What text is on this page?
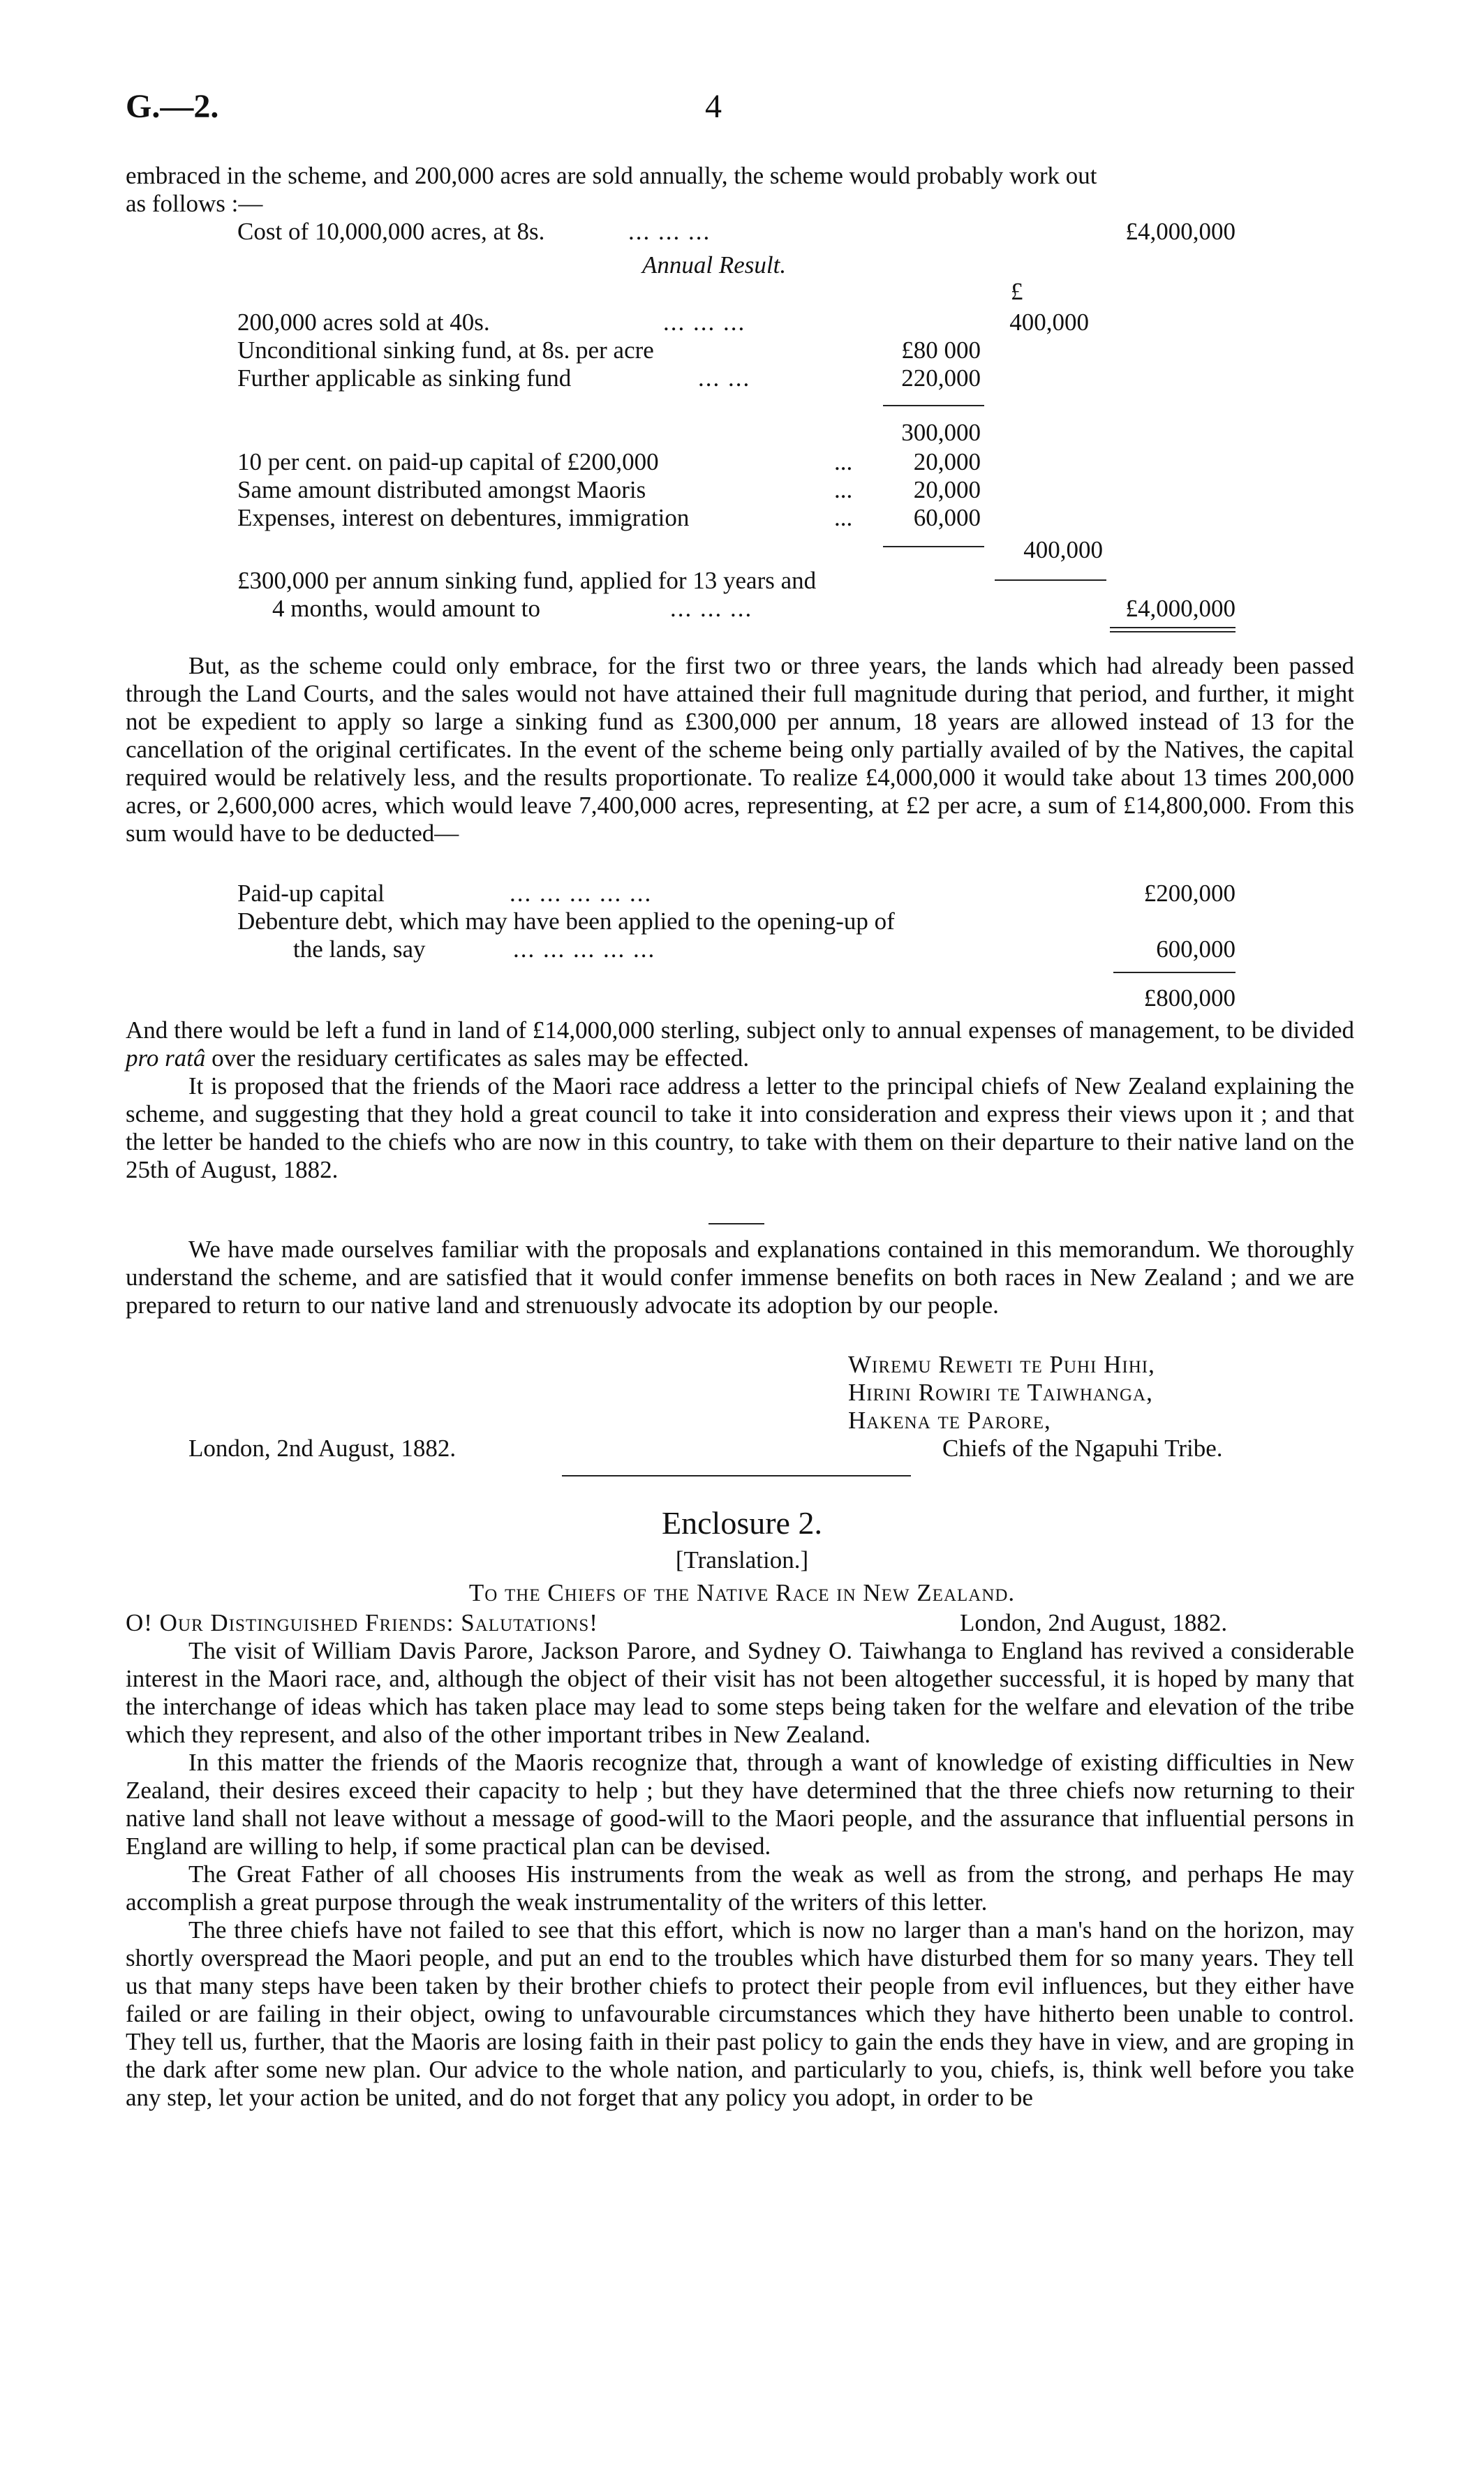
G.—2.	4
embraced in the scheme, and 200,000 acres are sold annually, the scheme would probably work out
as follows :—
Cost of 10,000,000 acres, at 8s.	... ... ...	£4,000,000
Annual Result.
£
200,000 acres sold at 40s.	... ... ...	400,000
Unconditional sinking fund, at 8s. per acre	£80 000
Further applicable as sinking fund	... ...	220,000
300,000
10 per cent. on paid-up capital of £200,000	...	20,000
Same amount distributed amongst Maoris	...	20,000
Expenses, interest on debentures, immigration	...	60,000
400,000
£300,000 per annum sinking fund, applied for 13 years and
4 months, would amount to	... ... ...	£4,000,000

But, as the scheme could only embrace, for the first two or three years, the lands which had already been passed through the Land Courts, and the sales would not have attained their full magnitude during that period, and further, it might not be expedient to apply so large a sinking fund as £300,000 per annum, 18 years are allowed instead of 13 for the cancellation of the original certificates. In the event of the scheme being only partially availed of by the Natives, the capital required would be relatively less, and the results proportionate. To realize £4,000,000 it would take about 13 times 200,000 acres, or 2,600,000 acres, which would leave 7,400,000 acres, representing, at £2 per acre, a sum of £14,800,000. From this sum would have to be deducted—

Paid-up capital	... ... ... ... ...	£200,000
Debenture debt, which may have been applied to the opening-up of
the lands, say	... ... ... ... ...	600,000
£800,000

And there would be left a fund in land of £14,000,000 sterling, subject only to annual expenses of management, to be divided pro ratâ over the residuary certificates as sales may be effected.

It is proposed that the friends of the Maori race address a letter to the principal chiefs of New Zealand explaining the scheme, and suggesting that they hold a great council to take it into consideration and express their views upon it ; and that the letter be handed to the chiefs who are now in this country, to take with them on their departure to their native land on the 25th of August, 1882.

We have made ourselves familiar with the proposals and explanations contained in this memorandum. We thoroughly understand the scheme, and are satisfied that it would confer immense benefits on both races in New Zealand ; and we are prepared to return to our native land and strenuously advocate its adoption by our people.

Wiremu Reweti te Puhi Hihi,
Hirini Rowiri te Taiwhanga,
Hakena te Parore,
London, 2nd August, 1882.	Chiefs of the Ngapuhi Tribe.
Enclosure 2.
[Translation.]
To the Chiefs of the Native Race in New Zealand.
O! Our Distinguished Friends: Salutations!	London, 2nd August, 1882.

The visit of William Davis Parore, Jackson Parore, and Sydney O. Taiwhanga to England has revived a considerable interest in the Maori race, and, although the object of their visit has not been altogether successful, it is hoped by many that the interchange of ideas which has taken place may lead to some steps being taken for the welfare and elevation of the tribe which they represent, and also of the other important tribes in New Zealand.

In this matter the friends of the Maoris recognize that, through a want of knowledge of existing difficulties in New Zealand, their desires exceed their capacity to help ; but they have determined that the three chiefs now returning to their native land shall not leave without a message of good-will to the Maori people, and the assurance that influential persons in England are willing to help, if some practical plan can be devised.

The Great Father of all chooses His instruments from the weak as well as from the strong, and perhaps He may accomplish a great purpose through the weak instrumentality of the writers of this letter.

The three chiefs have not failed to see that this effort, which is now no larger than a man's hand on the horizon, may shortly overspread the Maori people, and put an end to the troubles which have disturbed them for so many years. They tell us that many steps have been taken by their brother chiefs to protect their people from evil influences, but they either have failed or are failing in their object, owing to unfavourable circumstances which they have hitherto been unable to control. They tell us, further, that the Maoris are losing faith in their past policy to gain the ends they have in view, and are groping in the dark after some new plan. Our advice to the whole nation, and particularly to you, chiefs, is, think well before you take any step, let your action be united, and do not forget that any policy you adopt, in order to be
